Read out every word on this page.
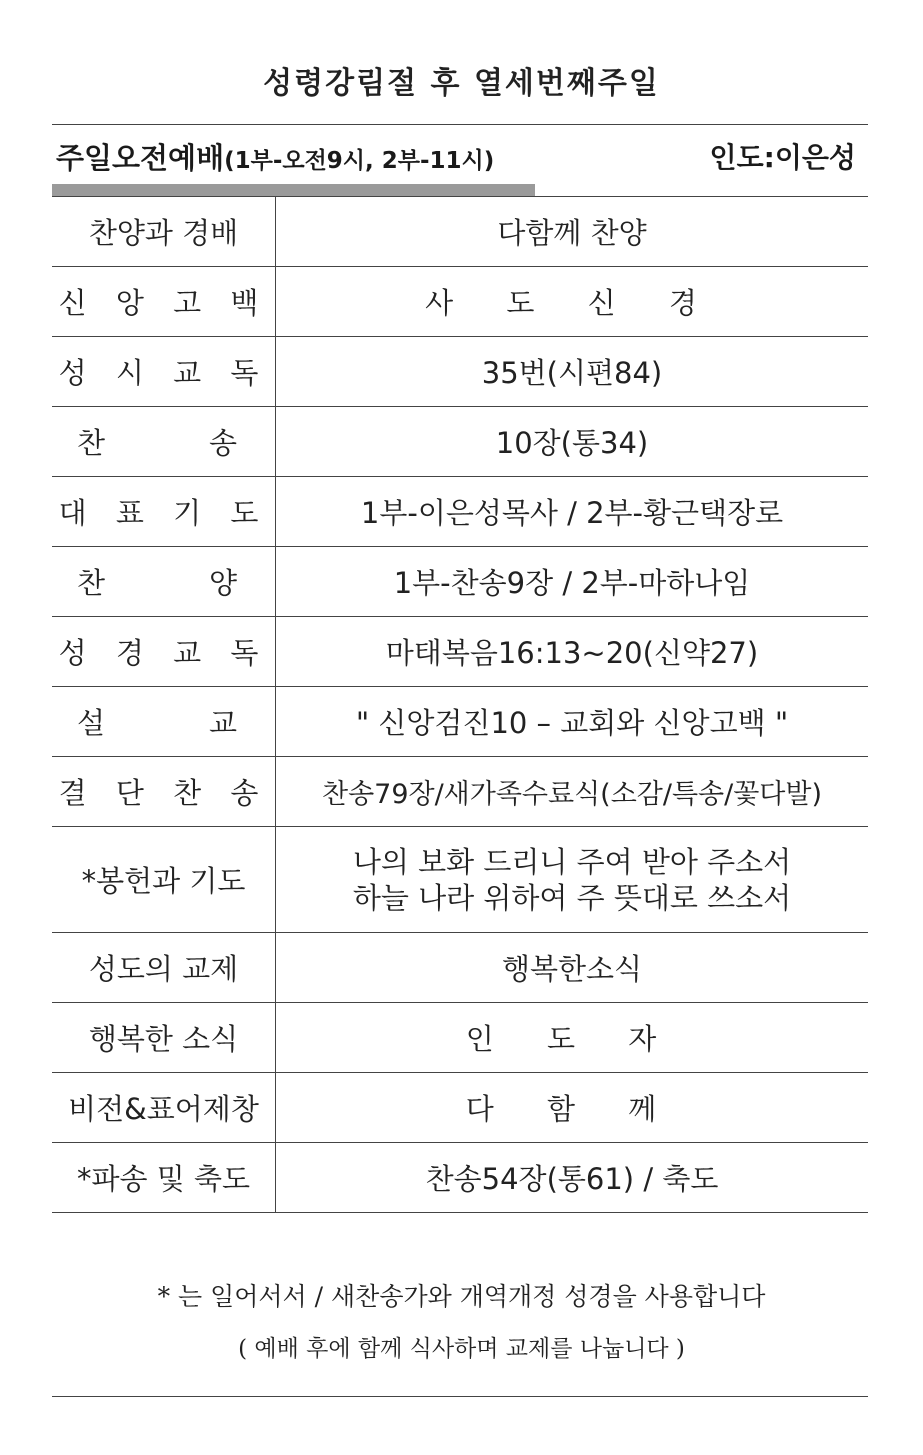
성령강림절 후 열세번째주일
주일오전예배(1부-오전9시, 2부-11시)	인도:이은성
찬양과 경배	다함께 찬양
신 앙 고 백	사 도 신 경
성 시 교 독	35번(시편84)

찬 송	10장(통34)
대 표 기 도	1부-이은성목사 / 2부-황근택장로

찬 양	1부-찬송9장 / 2부-마하나임
성 경 교 독	마태복음16:13~20(신약27)

설 교	" 신앙검진10 – 교회와 신앙고백 "
결 단 찬 송	찬송79장/새가족수료식(소감/특송/꽃다발)
*봉헌과 기도	나의 보화 드리니 주여 받아 주소서
하늘 나라 위하여 주 뜻대로 쓰소서

성도의 교제	행복한소식
행복한 소식	인 도 자
비전&표어제창	다 함 께
*파송 및 축도	찬송54장(통61) / 축도
* 는 일어서서 / 새찬송가와 개역개정 성경을 사용합니다
( 예배 후에 함께 식사하며 교제를 나눕니다 )
